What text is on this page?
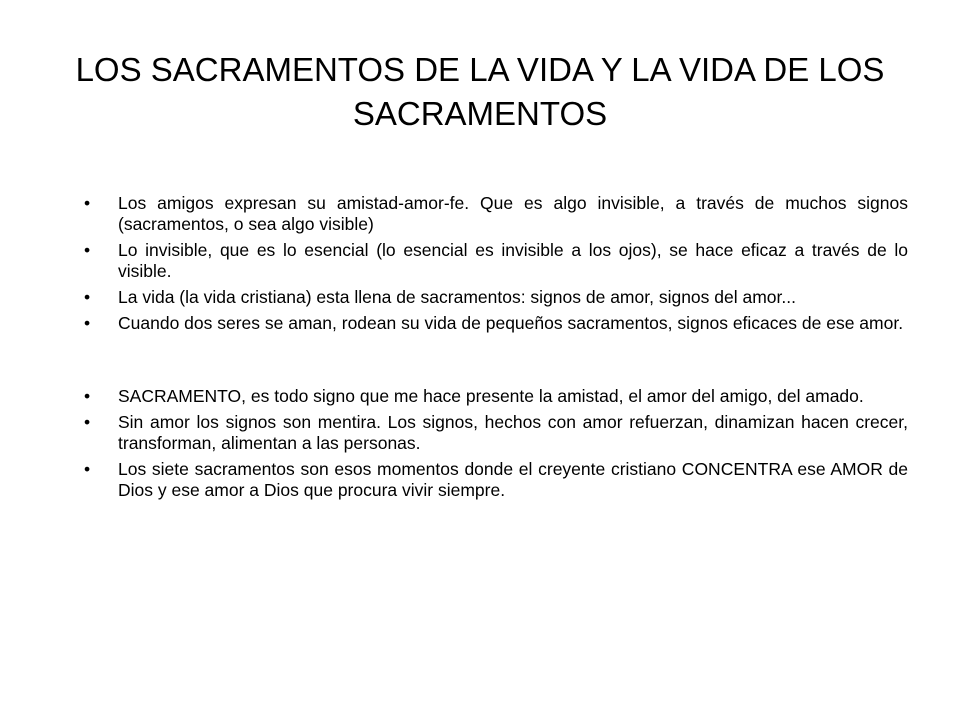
LOS SACRAMENTOS DE LA VIDA Y LA VIDA DE LOS SACRAMENTOS
•	Los amigos expresan su amistad-amor-fe. Que es algo invisible, a través de muchos signos (sacramentos, o sea algo visible)
•	Lo invisible, que es lo esencial (lo esencial es invisible a los ojos), se hace eficaz a través de lo visible.
•	La vida (la vida cristiana) esta llena de sacramentos: signos de amor, signos del amor...
•	Cuando dos seres se aman, rodean su vida de pequeños sacramentos, signos eficaces de ese amor.
•	SACRAMENTO, es todo signo que me hace presente la amistad, el amor del amigo, del amado.
•	Sin amor los signos son mentira. Los signos, hechos con amor refuerzan, dinamizan hacen crecer, transforman, alimentan a las personas.
•	Los siete sacramentos son esos momentos donde el creyente cristiano CONCENTRA ese AMOR de Dios y ese amor a Dios que procura vivir siempre.
